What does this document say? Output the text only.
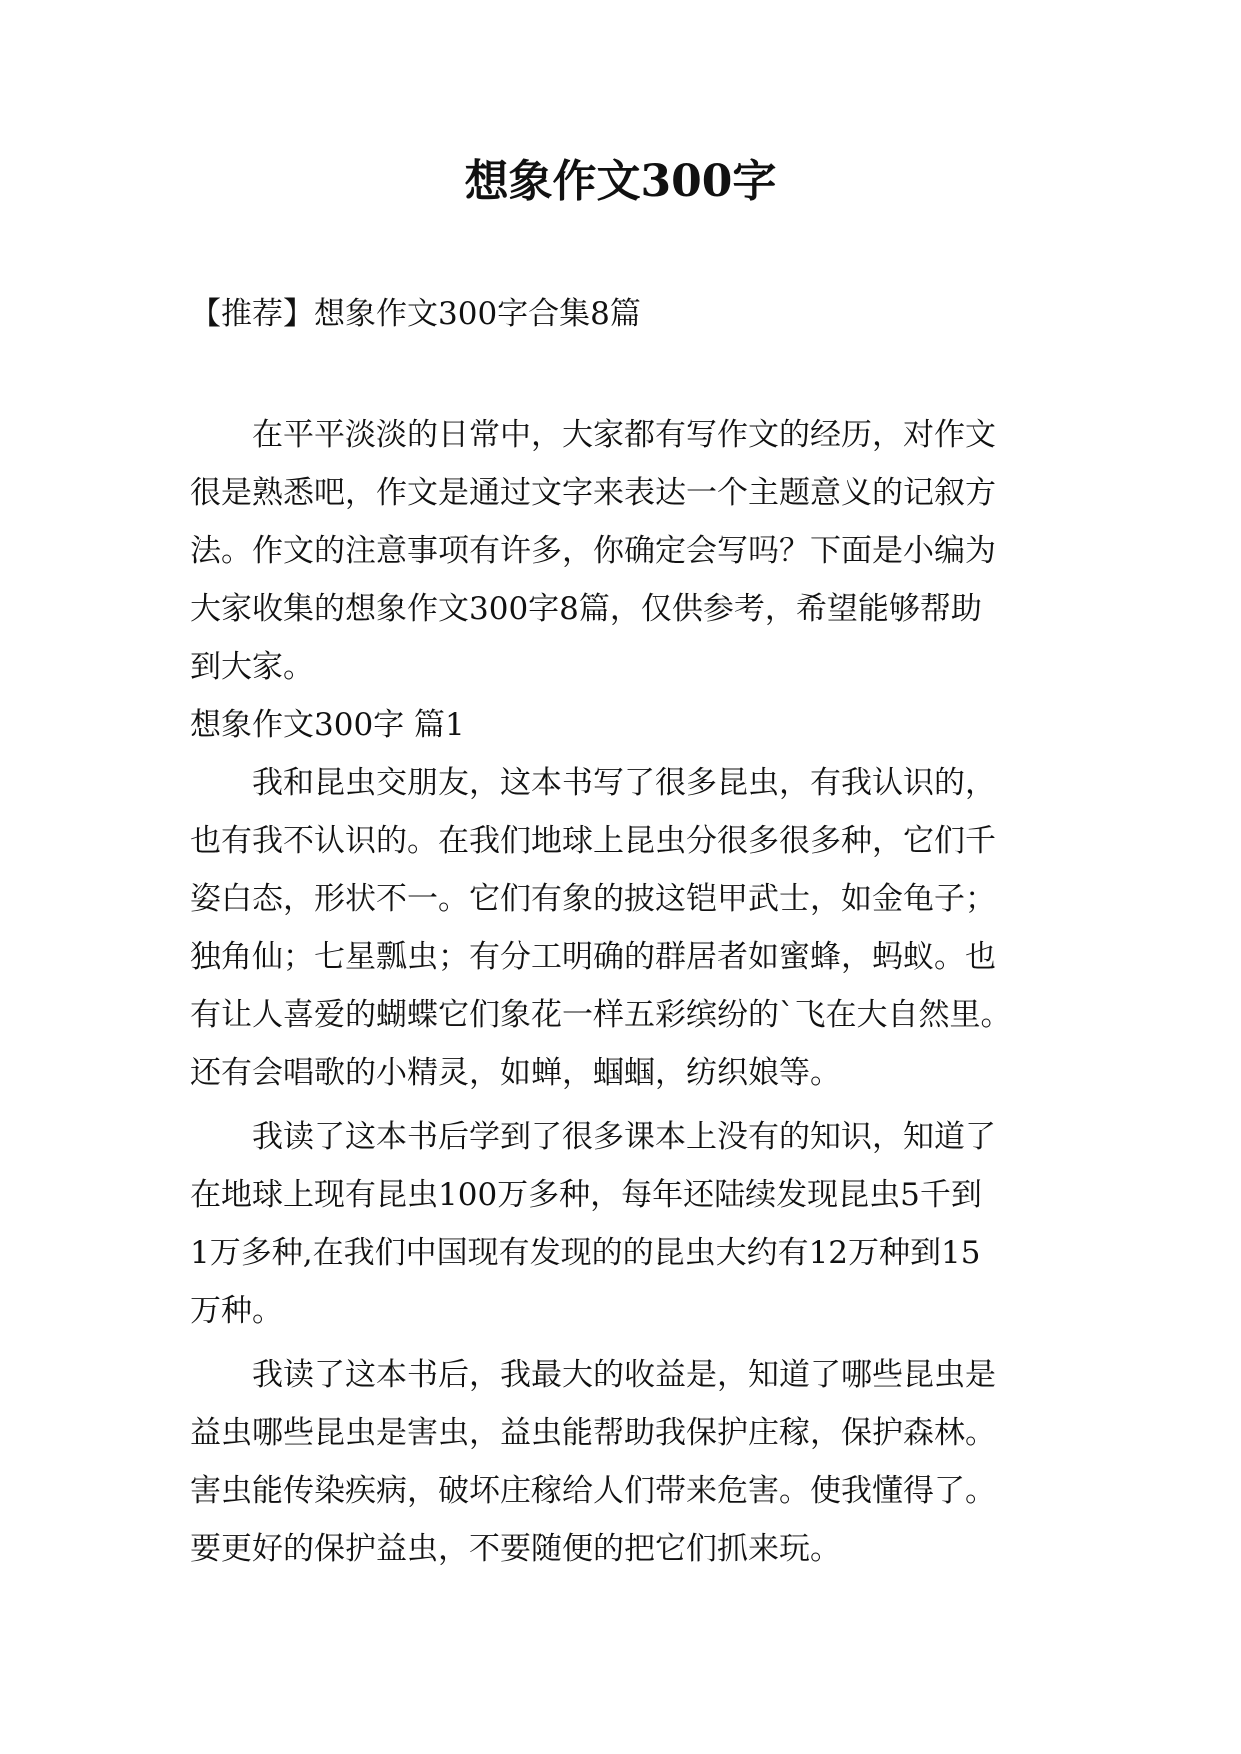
想象作文300字

【推荐】想象作文300字合集8篇

　　在平平淡淡的日常中，大家都有写作文的经历，对作文
很是熟悉吧，作文是通过文字来表达一个主题意义的记叙方
法。作文的注意事项有许多，你确定会写吗？下面是小编为
大家收集的想象作文300字8篇，仅供参考，希望能够帮助
到大家。
想象作文300字 篇1
　　我和昆虫交朋友，这本书写了很多昆虫，有我认识的，
也有我不认识的。在我们地球上昆虫分很多很多种，它们千
姿白态，形状不一。它们有象的披这铠甲武士，如金龟子；
独角仙；七星瓢虫；有分工明确的群居者如蜜蜂，蚂蚁。也
有让人喜爱的蝴蝶它们象花一样五彩缤纷的`飞在大自然里。
还有会唱歌的小精灵，如蝉，蝈蝈，纺织娘等。
　　我读了这本书后学到了很多课本上没有的知识，知道了
在地球上现有昆虫100万多种，每年还陆续发现昆虫5千到
1万多种,在我们中国现有发现的的昆虫大约有12万种到15
万种。
　　我读了这本书后，我最大的收益是，知道了哪些昆虫是
益虫哪些昆虫是害虫，益虫能帮助我保护庄稼，保护森林。
害虫能传染疾病，破坏庄稼给人们带来危害。使我懂得了。
要更好的保护益虫，不要随便的把它们抓来玩。
